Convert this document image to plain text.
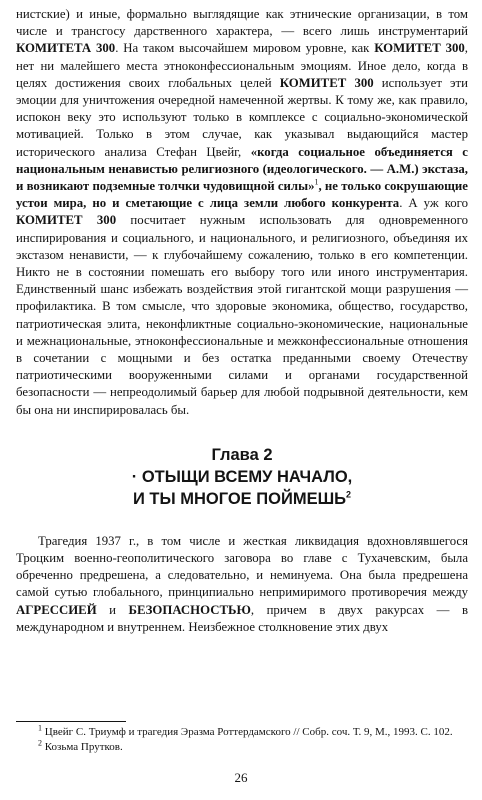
нистские) и иные, формально выглядящие как этнические организации, в том числе и трансгосу дарственного характера, — всего лишь инструментарий КОМИТЕТА 300. На таком высочайшем мировом уровне, как КОМИТЕТ 300, нет ни малейшего места этноконфессиональным эмоциям. Иное дело, когда в целях достижения своих глобальных целей КОМИТЕТ 300 использует эти эмоции для уничтожения очередной намеченной жертвы. К тому же, как правило, испокон веку это используют только в комплексе с социально-экономической мотивацией. Только в этом случае, как указывал выдающийся мастер исторического анализа Стефан Цвейг, «когда социальное объединяется с национальным ненавистью религиозного (идеологического. — А.М.) экстаза, и возникают подземные толчки чудовищной силы»$^1$, не только сокрушающие устои мира, но и сметающие с лица земли любого конкурента. А уж кого КОМИТЕТ 300 посчитает нужным использовать для одновременного инспирирования и социального, и национального, и религиозного, объединяя их экстазом ненависти, — к глубочайшему сожалению, только в его компетенции. Никто не в состоянии помешать его выбору того или иного инструментария. Единственный шанс избежать воздействия этой гигантской мощи разрушения — профилактика. В том смысле, что здоровые экономика, общество, государство, патриотическая элита, неконфликтные социально-экономические, национальные и межнациональные, этноконфессиональные и межконфессиональные отношения в сочетании с мощными и без остатка преданными своему Отечеству патриотическими вооруженными силами и органами государственной безопасности — непреодолимый барьер для любой подрывной деятельности, кем бы она ни инспирировалась бы.

Глава 2

· ОТЫЩИ ВСЕМУ НАЧАЛО,

И ТЫ МНОГОЕ ПОЙМЕШЬ$^2$

Трагедия 1937 г., в том числе и жесткая ликвидация вдохновлявшегося Троцким военно-геополитического заговора во главе с Тухачевским, была обреченно предрешена, а следовательно, и неминуема. Она была предрешена самой сутью глобального, принципиально непримиримого противоречия между АГРЕССИЕЙ и БЕЗОПАСНОСТЬЮ, причем в двух ракурсах — в международном и внутреннем. Неизбежное столкновение этих двух

$^1$ Цвейг С. Триумф и трагедия Эразма Роттердамского // Собр. соч. Т. 9, М., 1993. С. 102.

$^2$ Козьма Прутков.

26
